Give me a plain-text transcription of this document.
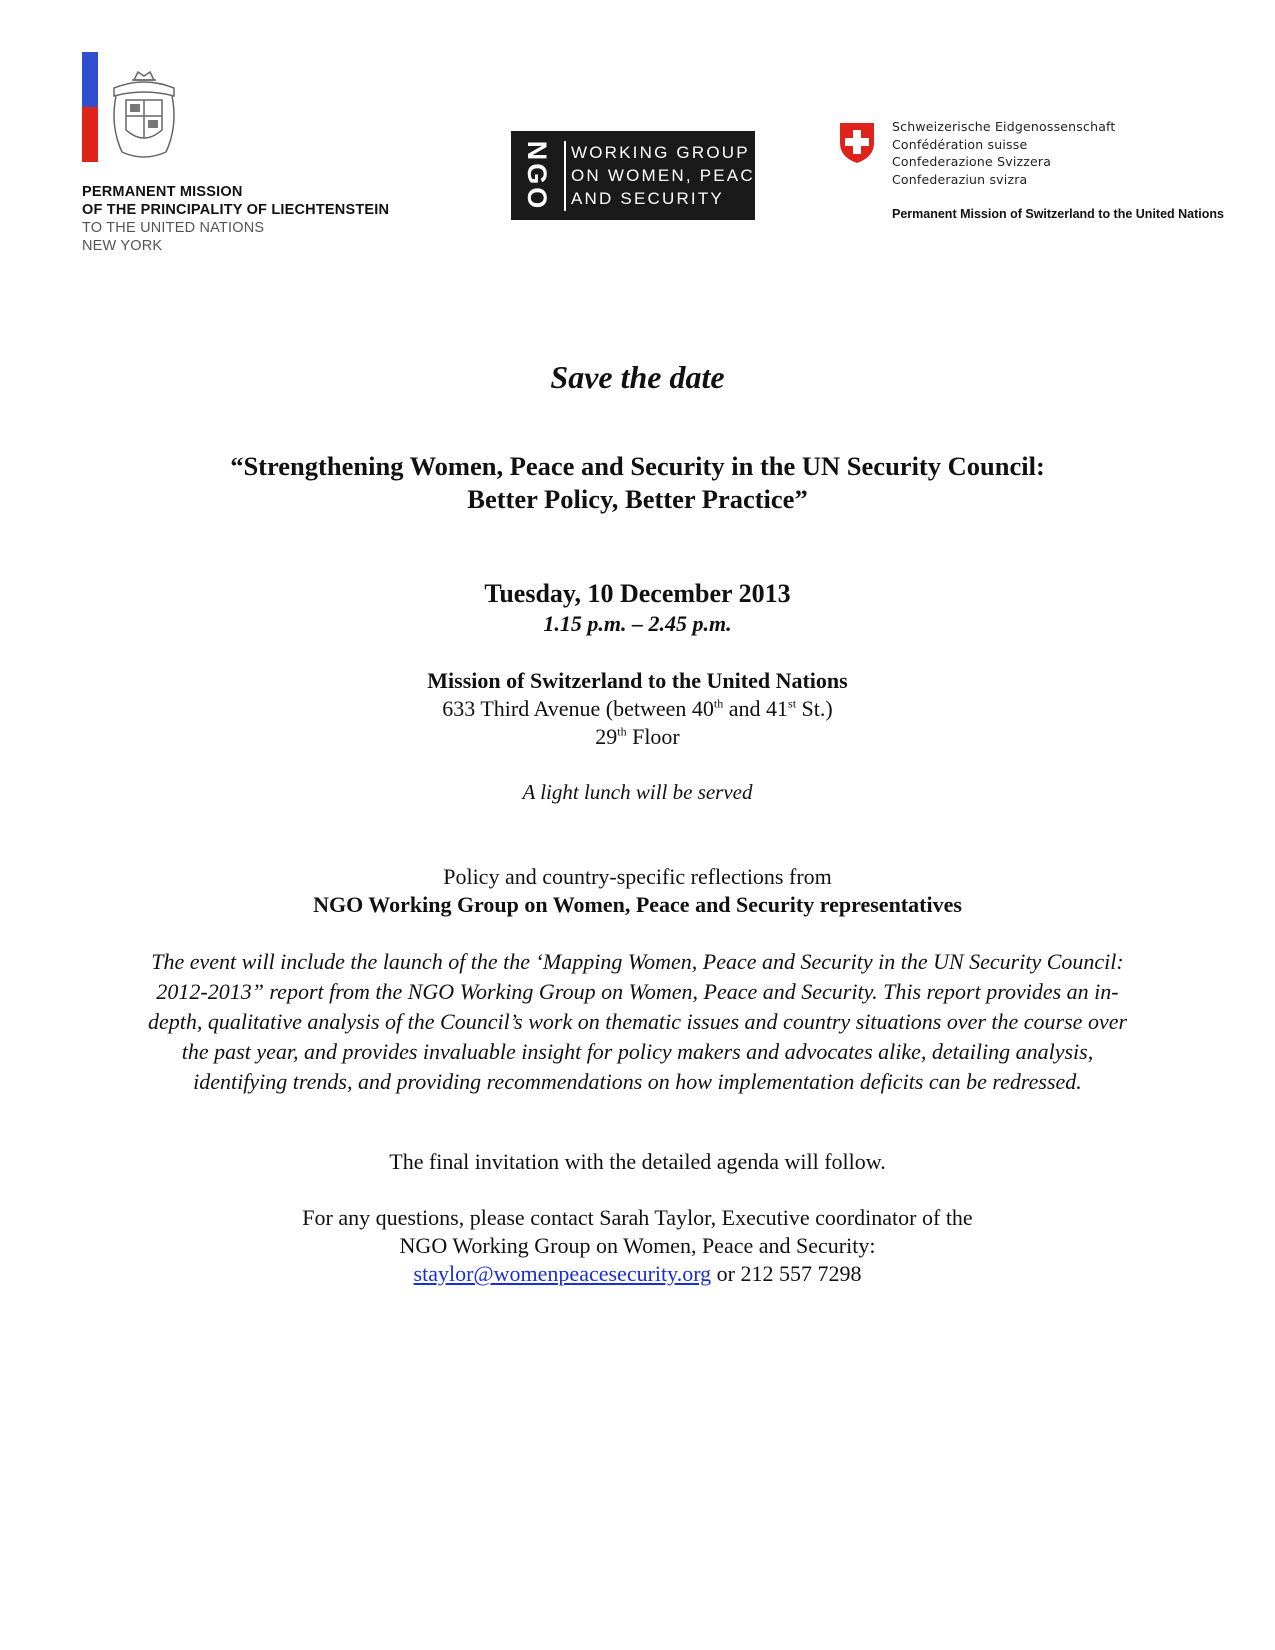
PERMANENT MISSION
OF THE PRINCIPALITY OF LIECHTENSTEIN
TO THE UNITED NATIONS
NEW YORK
NGO	WORKING GROUP
ON WOMEN, PEACE
AND SECURITY
Schweizerische Eidgenossenschaft
Confédération suisse
Confederazione Svizzera
Confederaziun svizra
Permanent Mission of Switzerland to the United Nations
Save the date
“Strengthening Women, Peace and Security in the UN Security Council:
Better Policy, Better Practice”
Tuesday, 10 December 2013
1.15 p.m. – 2.45 p.m.
Mission of Switzerland to the United Nations
633 Third Avenue (between 40th and 41st St.)
29th Floor
A light lunch will be served
Policy and country-specific reflections from
NGO Working Group on Women, Peace and Security representatives
The event will include the launch of the the ‘Mapping Women, Peace and Security in the UN Security Council: 2012-2013” report from the NGO Working Group on Women, Peace and Security. This report provides an in-depth, qualitative analysis of the Council’s work on thematic issues and country situations over the course over the past year, and provides invaluable insight for policy makers and advocates alike, detailing analysis, identifying trends, and providing recommendations on how implementation deficits can be redressed.
The final invitation with the detailed agenda will follow.
For any questions, please contact Sarah Taylor, Executive coordinator of the
NGO Working Group on Women, Peace and Security:
staylor@womenpeacesecurity.org or 212 557 7298
